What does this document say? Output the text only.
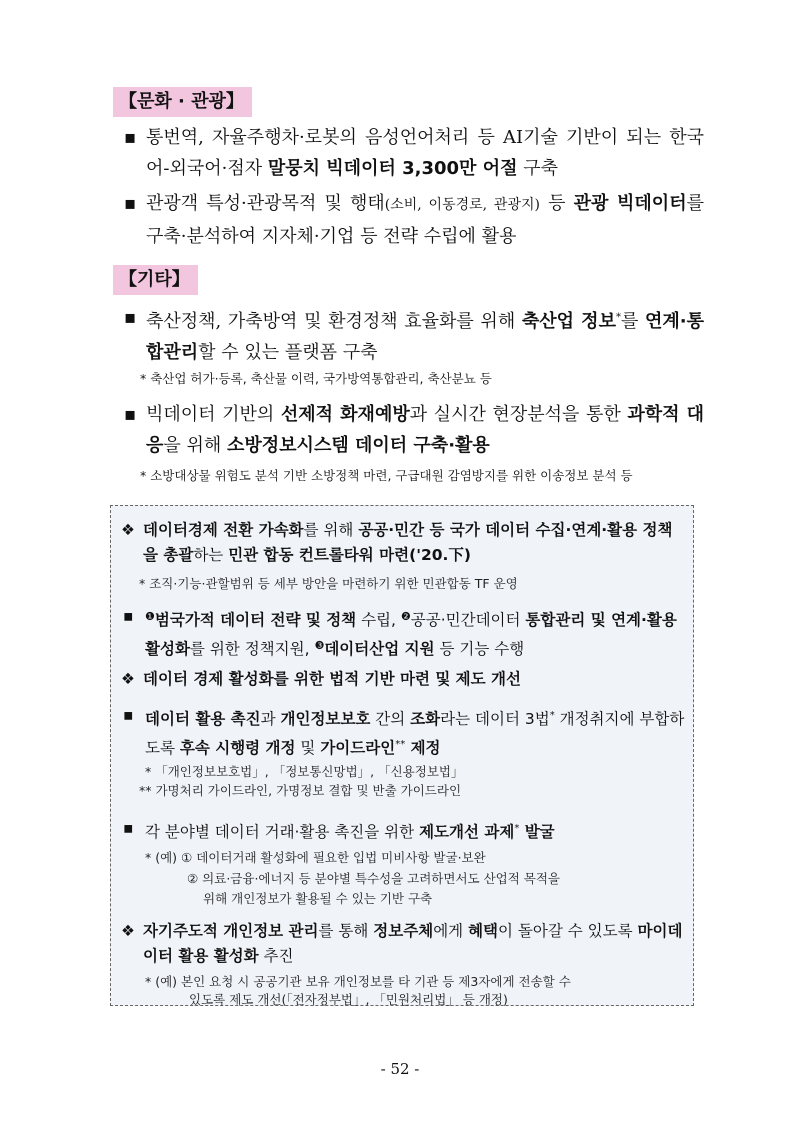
【문화 · 관광】
▪ 통번역, 자율주행차·로봇의 음성언어처리 등 AI기술 기반이 되는 한국어-외국어·점자 말뭉치 빅데이터 3,300만 어절 구축
▪ 관광객 특성·관광목적 및 행태(소비, 이동경로, 관광지) 등 관광 빅데이터를 구축·분석하여 지자체·기업 등 전략 수립에 활용
【기타】
▪ 축산정책, 가축방역 및 환경정책 효율화를 위해 축산업 정보*를 연계·통합관리할 수 있는 플랫폼 구축
* 축산업 허가·등록, 축산물 이력, 국가방역통합관리, 축산분뇨 등
▪ 빅데이터 기반의 선제적 화재예방과 실시간 현장분석을 통한 과학적 대응을 위해 소방정보시스템 데이터 구축·활용
* 소방대상물 위험도 분석 기반 소방정책 마련, 구급대원 감염방지를 위한 이송정보 분석 등
❖ 데이터경제 전환 가속화를 위해 공공·민간 등 국가 데이터 수집·연계·활용 정책을 총괄하는 민관 합동 컨트롤타워 마련('20.下)
* 조직·기능·관할범위 등 세부 방안을 마련하기 위한 민관합동 TF 운영
▪ $^❶$범국가적 데이터 전략 및 정책 수립, $^❷$공공·민간데이터 통합관리 및 연계·활용 활성화를 위한 정책지원, $^❸$데이터산업 지원 등 기능 수행
❖ 데이터 경제 활성화를 위한 법적 기반 마련 및 제도 개선
▪ 데이터 활용 촉진과 개인정보보호 간의 조화라는 데이터 3법* 개정취지에 부합하도록 후속 시행령 개정 및 가이드라인** 제정
* 「개인정보보호법」, 「정보통신망법」, 「신용정보법」
** 가명처리 가이드라인, 가명정보 결합 및 반출 가이드라인
▪ 각 분야별 데이터 거래·활용 촉진을 위한 제도개선 과제* 발굴
* (예) ① 데이터거래 활성화에 필요한 입법 미비사항 발굴·보완
② 의료·금융·에너지 등 분야별 특수성을 고려하면서도 산업적 목적을
위해 개인정보가 활용될 수 있는 기반 구축
❖ 자기주도적 개인정보 관리를 통해 정보주체에게 혜택이 돌아갈 수 있도록 마이데이터 활용 활성화 추진
* (예) 본인 요청 시 공공기관 보유 개인정보를 타 기관 등 제3자에게 전송할 수
있도록 제도 개선(「전자정부법」, 「민원처리법」 등 개정)
- 52 -
